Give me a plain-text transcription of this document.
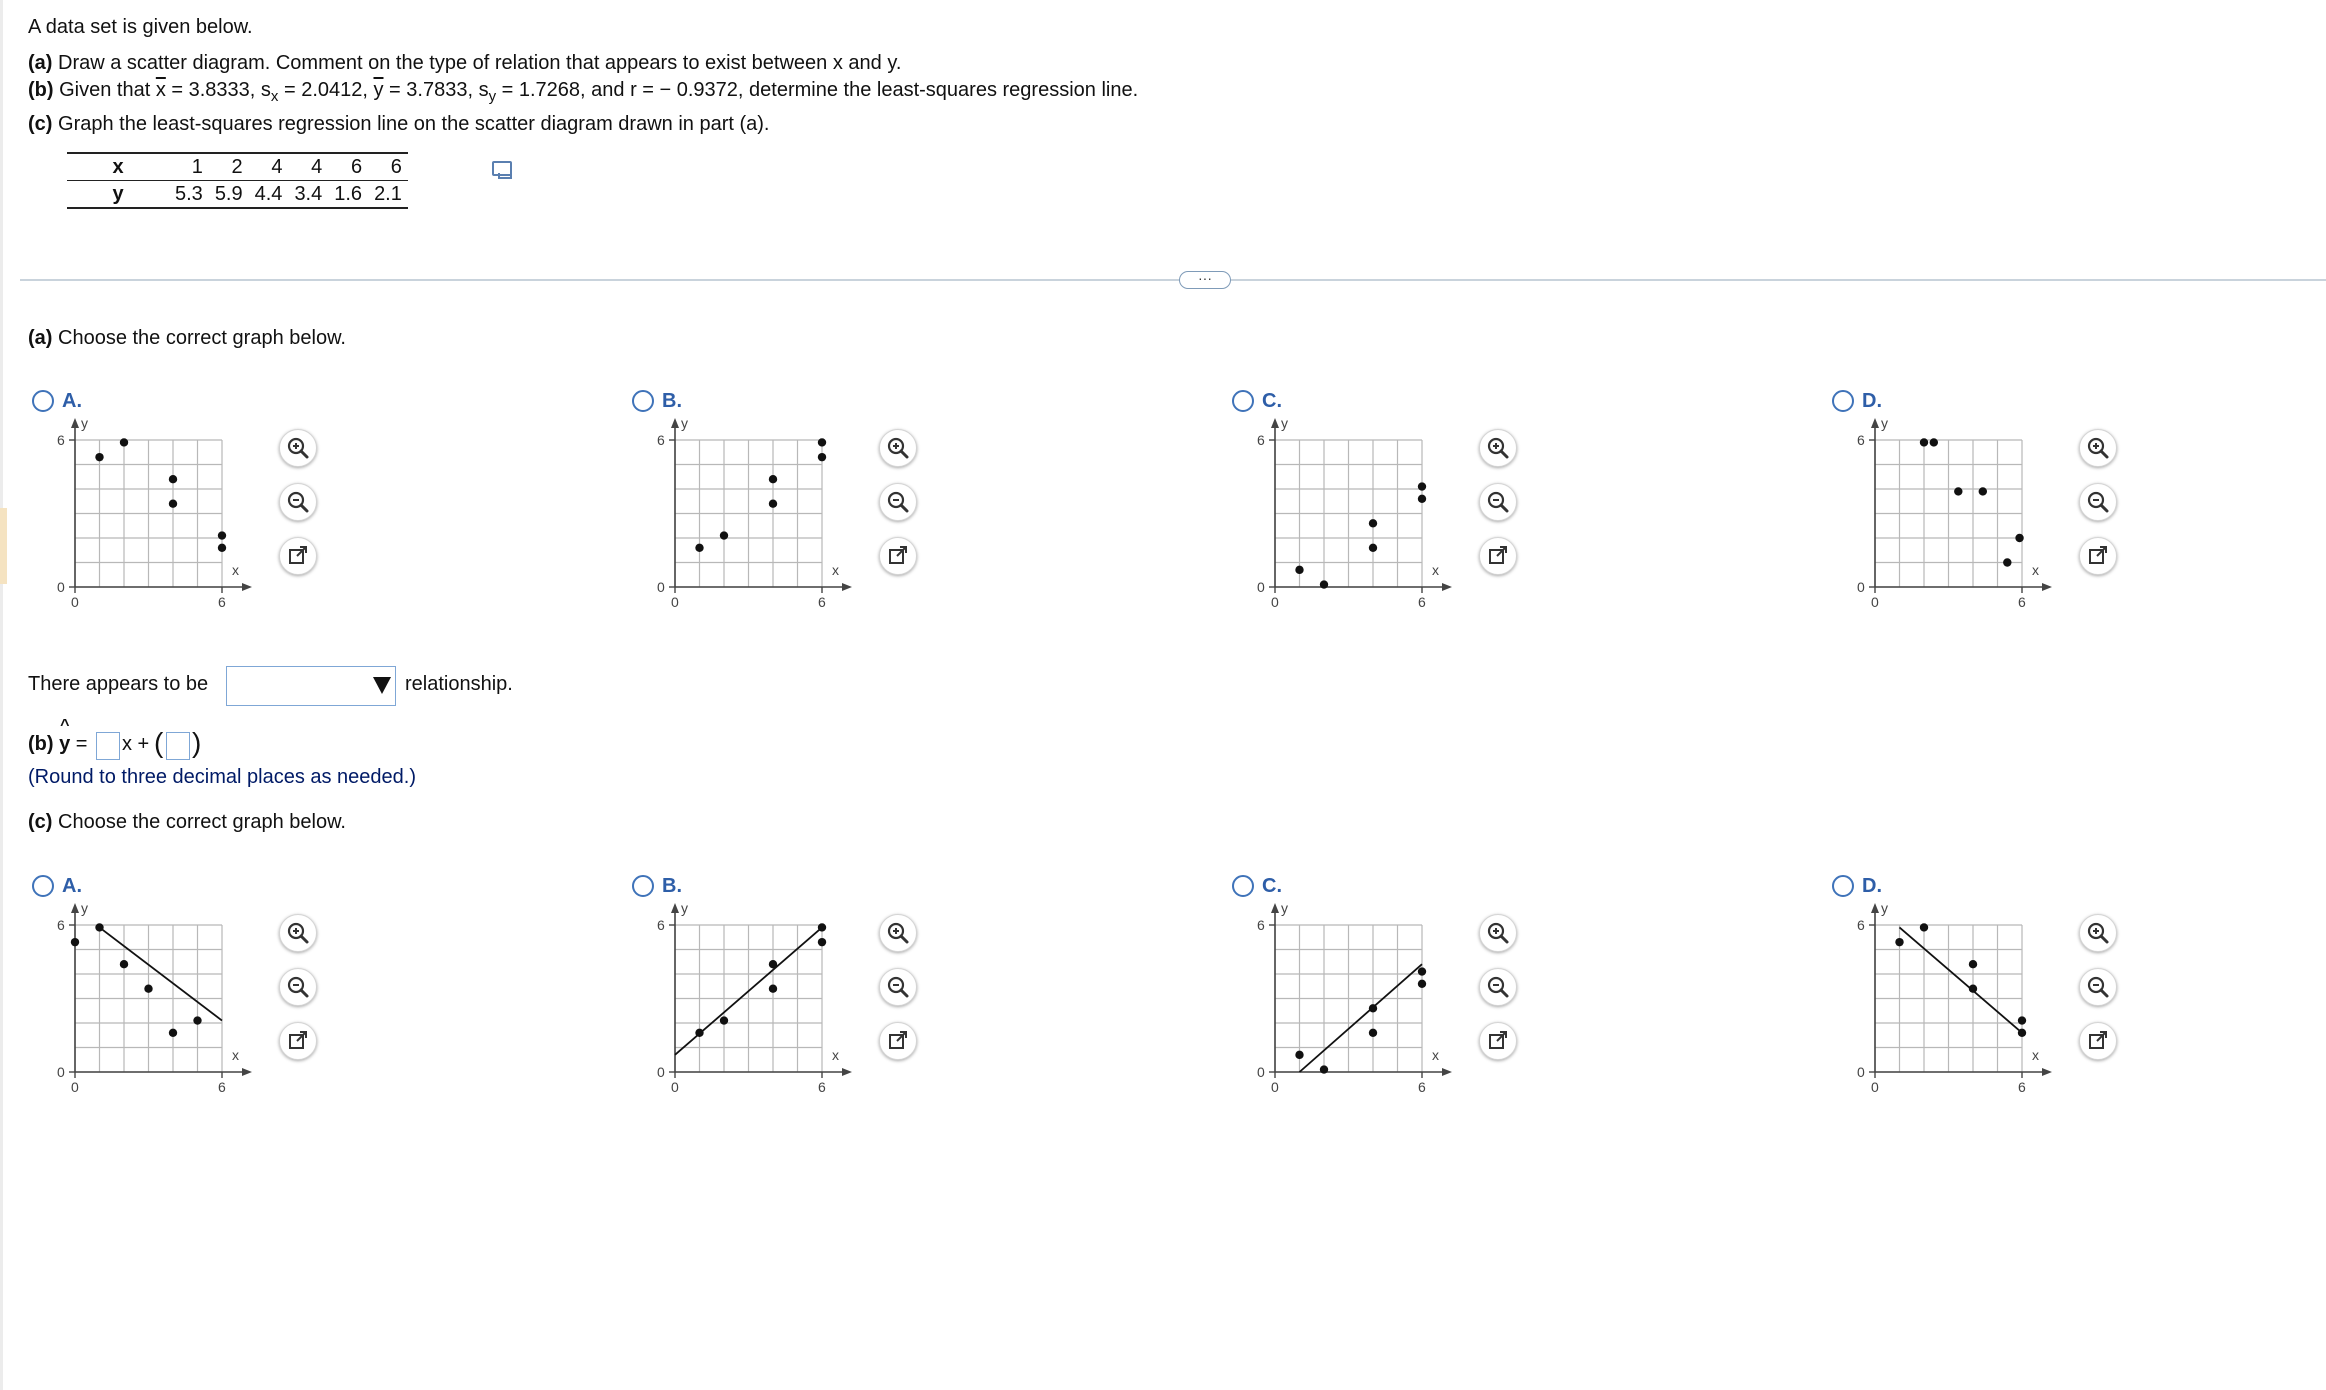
A data set is given below.
(a) Draw a scatter diagram. Comment on the type of relation that appears to exist between x and y.
(b) Given that $\overline{x} = 3.8333$, $s_x = 2.0412$, $\overline{y} = 3.7833$, $s_y = 1.7268$, and r = − 0.9372, determine the least-squares regression line.
(c) Graph the least-squares regression line on the scatter diagram drawn in part (a).
x	1	2	4	4	6	6
y	5.3	5.9	4.4	3.4	1.6	2.1
···
(a) Choose the correct graph below.
A.
6
0
0	6
x
y
B.
6
0
0	6
x
y
C.
6
0
0	6
x
y
D.
6
0
0	6
x
y
There appears to be	relationship.
(b) y
^
= x + ( )
(Round to three decimal places as needed.)
(c) Choose the correct graph below.
A.
6
0
0	6
x
y
B.
6
0
0	6
x
y
C.
6
0
0	6
x
y
D.
6
0
0	6
x
y
